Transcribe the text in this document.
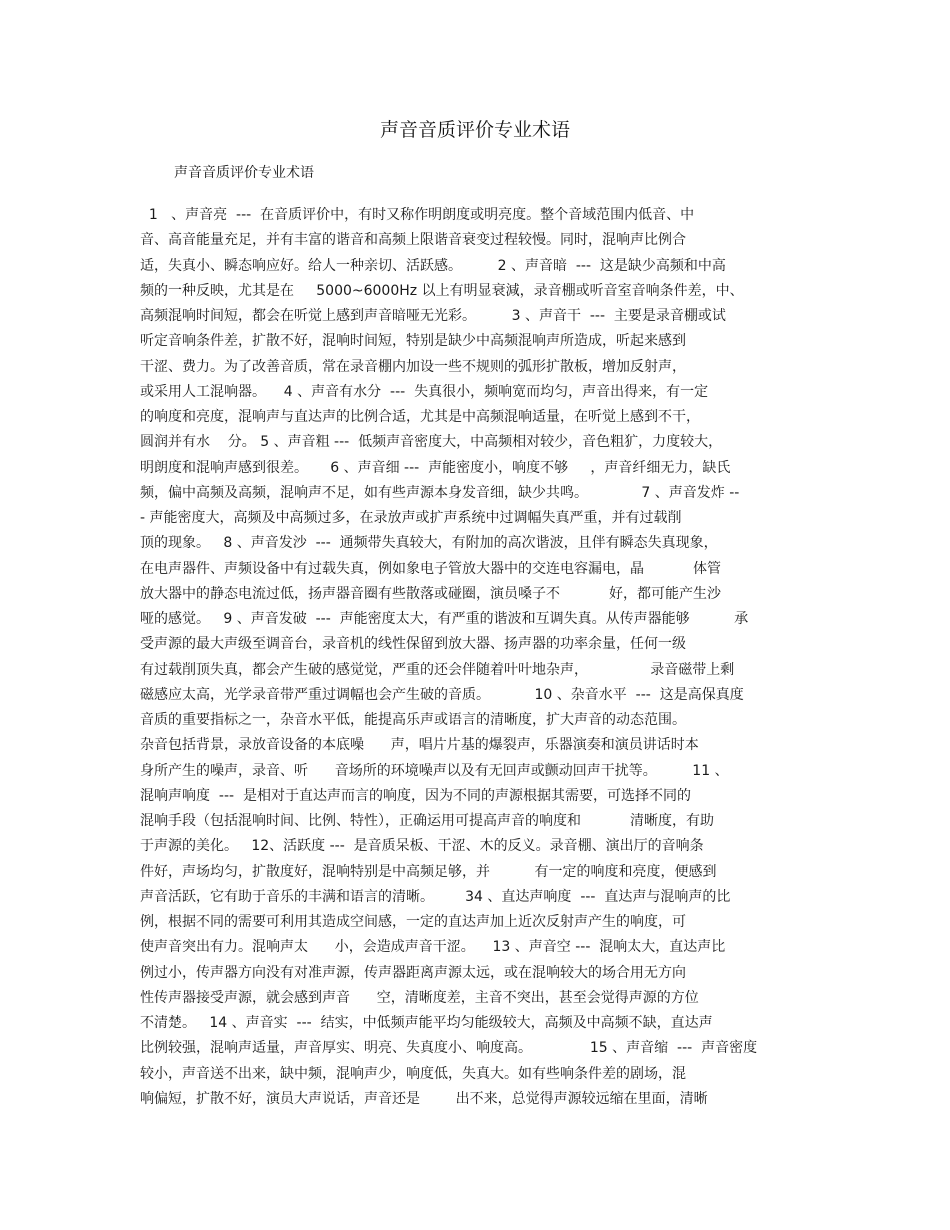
声音音质评价专业术语
声音音质评价专业术语
1   、声音亮  ---  在音质评价中，有时又称作明朗度或明亮度。整个音域范围内低音、中
音、高音能量充足，并有丰富的谐音和高频上限谐音衰变过程较慢。同时，混响声比例合
适，失真小、瞬态响应好。给人一种亲切、活跃感。        2 、声音暗  ---  这是缺少高频和中高
频的一种反映，尤其是在     5000~6000Hz 以上有明显衰減，录音棚或听音室音响条件差，中、
高频混响时间短，都会在听觉上感到声音暗哑无光彩。        3 、声音干  ---  主要是录音棚或试
听定音响条件差，扩散不好，混响时间短，特别是缺少中高频混响声所造成，听起来感到
干涩、费力。为了改善音质，常在录音棚内加设一些不规则的弧形扩散板，增加反射声，
或采用人工混响器。    4 、声音有水分  ---  失真很小，频响宽而均匀，声音出得来，有一定
的响度和亮度，混响声与直达声的比例合适，尤其是中高频混响适量，在听觉上感到不干，
圆润并有水    分。 5 、声音粗 ---  低频声音密度大，中高频相对较少，音色粗犷，力度较大，
明朗度和混响声感到很差。     6 、声音细 ---  声能密度小，响度不够     ，声音纤细无力，缺氏
频，偏中高频及高频，混响声不足，如有些声源本身发音细，缺少共鸣。            7 、声音发炸 --
- 声能密度大，高频及中高频过多，在录放声或扩声系统中过调幅失真严重，并有过载削
顶的现象。   8 、声音发沙  ---  通频带失真较大，有附加的高次谐波，且伴有瞬态失真现象，
在电声器件、声频设备中有过载失真，例如象电子管放大器中的交连电容漏电，晶           体管
放大器中的静态电流过低，扬声器音圈有些散落或碰圈，演员嗓子不           好，都可能产生沙
哑的感觉。   9 、声音发破  ---  声能密度太大，有严重的谐波和互调失真。从传声器能够          承
受声源的最大声级至调音台，录音机的线性保留到放大器、扬声器的功率余量，任何一级
有过载削顶失真，都会产生破的感觉觉，严重的还会伴随着叶叶地杂声，              录音磁带上剩
磁感应太高，光学录音带严重过调幅也会产生破的音质。          10 、杂音水平  ---  这是高保真度
音质的重要指标之一，杂音水平低，能提高乐声或语言的清晰度，扩大声音的动态范围。
杂音包括背景，录放音设备的本底噪      声，唱片片基的爆裂声，乐器演奏和演员讲话时本
身所产生的噪声，录音、听      音场所的环境噪声以及有无回声或颤动回声干扰等。        11 、
混响声响度  ---  是相对于直达声而言的响度，因为不同的声源根据其需要，可选择不同的
混响手段（包括混响时间、比例、特性），正确运用可提高声音的响度和           清晰度，有助
于声源的美化。   12、活跃度 ---  是音质呆板、干涩、木的反义。录音棚、演出厅的音响条
件好，声场均匀，扩散度好，混响特别是中高频足够，并          有一定的响度和亮度，便感到
声音活跃，它有助于音乐的丰满和语言的清晰。       34 、直达声响度  ---  直达声与混响声的比
例，根据不同的需要可利用其造成空间感，一定的直达声加上近次反射声产生的响度，可
使声音突出有力。混响声太      小，会造成声音干涩。    13 、声音空 ---  混响太大，直达声比
例过小，传声器方向没有对准声源，传声器距离声源太远，或在混响较大的场合用无方向
性传声器接受声源，就会感到声音      空，清晰度差，主音不突出，甚至会觉得声源的方位
不清楚。   14 、声音实  ---  结实，中低频声能平均匀能级较大，高频及中高频不缺，直达声
比例较强，混响声适量，声音厚实、明亮、失真度小、响度高。             15 、声音缩  ---  声音密度
较小，声音送不出来，缺中频，混响声少，响度低，失真大。如有些响条件差的剧场，混
响偏短，扩散不好，演员大声说话，声音还是        出不来，总觉得声源较远缩在里面，清晰
